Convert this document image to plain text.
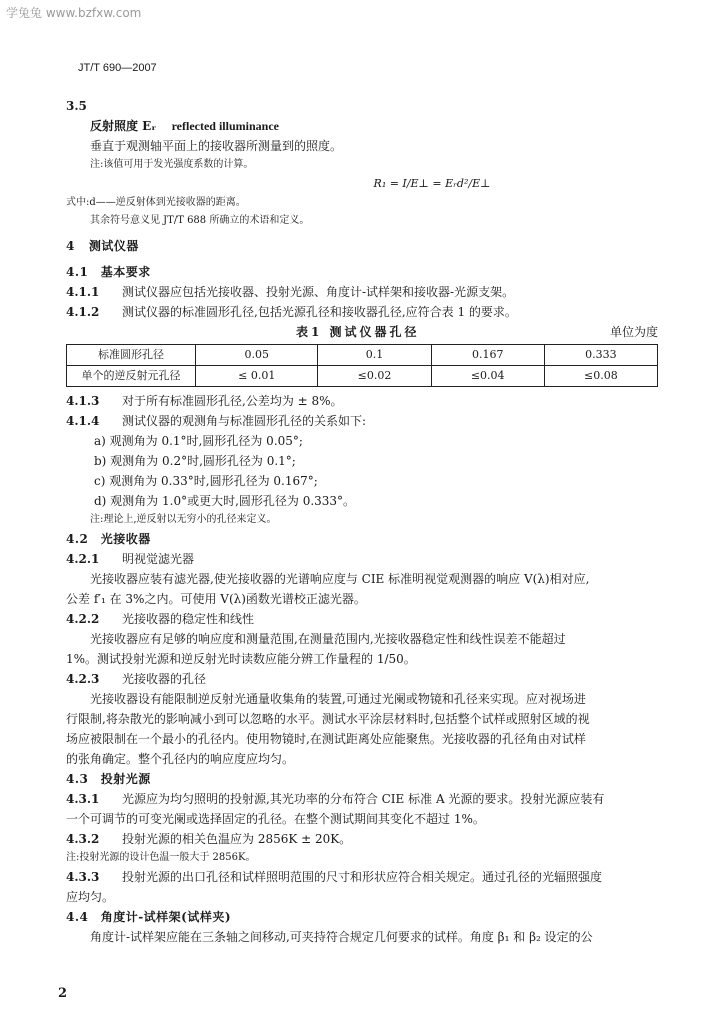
学兔兔 www.bzfxw.com
JT/T 690—2007

3.5

反射照度 Eᵣ reflected illuminance

垂直于观测轴平面上的接收器所测量到的照度。

注:该值可用于发光强度系数的计算。

R₁ = I/E⊥ = Eᵣd²/E⊥

式中:d——逆反射体到光接收器的距离。

其余符号意义见 JT/T 688 所确立的术语和定义。

4 测试仪器

4.1 基本要求

4.1.1 测试仪器应包括光接收器、投射光源、角度计-试样架和接收器-光源支架。

4.1.2 测试仪器的标准圆形孔径,包括光源孔径和接收器孔径,应符合表 1 的要求。

表1 测试仪器孔径	单位为度
标准圆形孔径	0.05	0.1	0.167	0.333
单个的逆反射元孔径	≤ 0.01	≤0.02	≤0.04	≤0.08

4.1.3 对于所有标准圆形孔径,公差均为 ± 8%。

4.1.4 测试仪器的观测角与标准圆形孔径的关系如下:

a) 观测角为 0.1°时,圆形孔径为 0.05°;

b) 观测角为 0.2°时,圆形孔径为 0.1°;

c) 观测角为 0.33°时,圆形孔径为 0.167°;

d) 观测角为 1.0°或更大时,圆形孔径为 0.333°。

注:理论上,逆反射以无穷小的孔径来定义。

4.2 光接收器

4.2.1 明视觉滤光器

光接收器应装有滤光器,使光接收器的光谱响应度与 CIE 标准明视觉观测器的响应 V(λ)相对应,

公差 f′₁ 在 3%之内。可使用 V(λ)函数光谱校正滤光器。

4.2.2 光接收器的稳定性和线性

光接收器应有足够的响应度和测量范围,在测量范围内,光接收器稳定性和线性误差不能超过

1%。测试投射光源和逆反射光时读数应能分辨工作量程的 1/50。

4.2.3 光接收器的孔径

光接收器设有能限制逆反射光通量收集角的装置,可通过光阑或物镜和孔径来实现。应对视场进

行限制,将杂散光的影响减小到可以忽略的水平。测试水平涂层材料时,包括整个试样或照射区域的视

场应被限制在一个最小的孔径内。使用物镜时,在测试距离处应能聚焦。光接收器的孔径角由对试样

的张角确定。整个孔径内的响应度应均匀。

4.3 投射光源

4.3.1 光源应为均匀照明的投射源,其光功率的分布符合 CIE 标准 A 光源的要求。投射光源应装有

一个可调节的可变光阑或选择固定的孔径。在整个测试期间其变化不超过 1%。

4.3.2 投射光源的相关色温应为 2856K ± 20K。

注:投射光源的设计色温一般大于 2856K。

4.3.3 投射光源的出口孔径和试样照明范围的尺寸和形状应符合相关规定。通过孔径的光辐照强度

应均匀。

4.4 角度计-试样架(试样夹)

角度计-试样架应能在三条轴之间移动,可夹持符合规定几何要求的试样。角度 β₁ 和 β₂ 设定的公

2
